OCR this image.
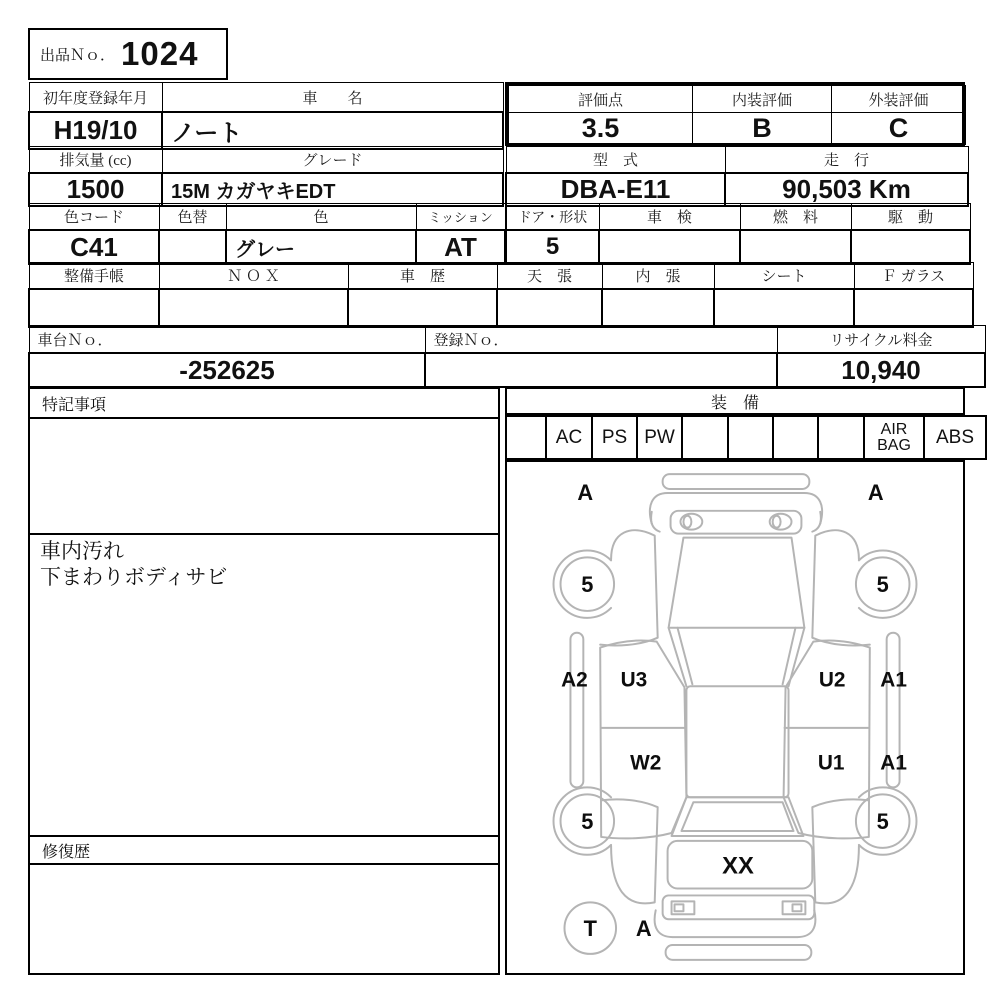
出品Ｎｏ． 1024
初年度登録年月	車　　名
H19/10	ノート
評価点	内装評価	外装評価
3.5	B	C
排気量 (cc)	グレード
1500	15M カガヤキEDT
型　式	走　行
DBA-E11	90,503 Km
色コード	色替	色	ミッション
C41		グレー	AT
ドア・形状	車　検	燃　料	駆　動
5			
整備手帳	Ｎ Ｏ Ｘ	車　歴	天　張	内　張	シート	Ｆ ガラス

車台Ｎｏ．	登録Ｎｏ．	リサイクル料金
-252625		10,940
特記事項
車内汚れ
下まわりボディサビ
修復歴
装　備
	AC	PS	PW					AIR BAG	ABS
A	A
5	5
A2 U3	U2 A1
W2	U1 A1
5	5
XX
T A
